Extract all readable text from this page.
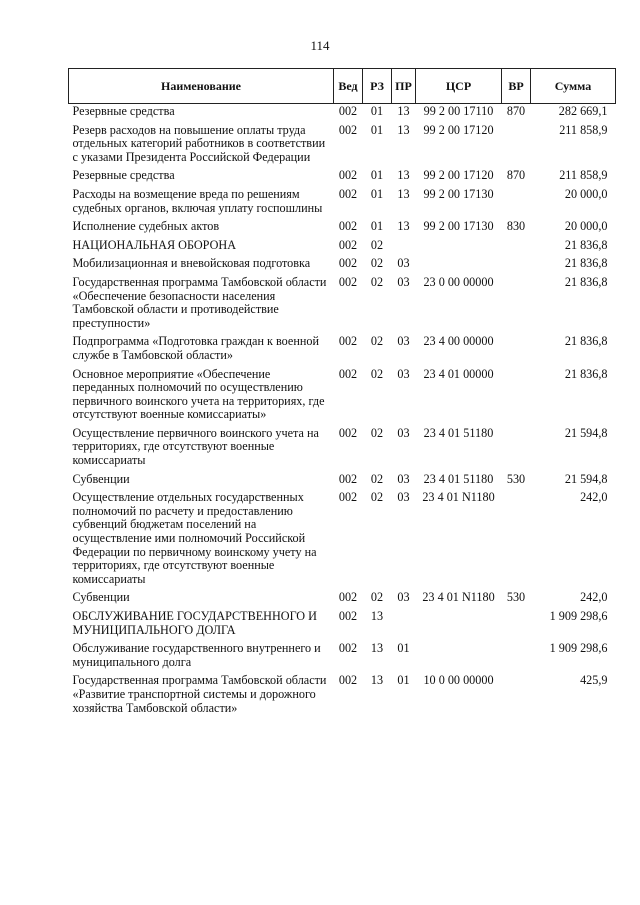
114
Наименование	Вед	РЗ	ПР	ЦСР	ВР	Сумма
Резервные средства	002	01	13	99 2 00 17110	870	282 669,1
Резерв расходов на повышение оплаты труда отдельных категорий работников в соответствии с указами Президента Российской Федерации	002	01	13	99 2 00 17120		211 858,9
Резервные средства	002	01	13	99 2 00 17120	870	211 858,9
Расходы на возмещение вреда по решениям судебных органов, включая уплату госпошлины	002	01	13	99 2 00 17130		20 000,0
Исполнение судебных актов	002	01	13	99 2 00 17130	830	20 000,0
НАЦИОНАЛЬНАЯ ОБОРОНА	002	02				21 836,8
Мобилизационная и вневойсковая подготовка	002	02	03			21 836,8
Государственная программа Тамбовской области «Обеспечение безопасности населения Тамбовской области и противодействие преступности»	002	02	03	23 0 00 00000		21 836,8
Подпрограмма «Подготовка граждан к военной службе в Тамбовской области»	002	02	03	23 4 00 00000		21 836,8
Основное мероприятие «Обеспечение переданных полномочий по осуществлению первичного воинского учета на территориях, где отсутствуют военные комиссариаты»	002	02	03	23 4 01 00000		21 836,8
Осуществление первичного воинского учета на территориях, где отсутствуют военные комиссариаты	002	02	03	23 4 01 51180		21 594,8
Субвенции	002	02	03	23 4 01 51180	530	21 594,8
Осуществление отдельных государственных полномочий по расчету и предоставлению субвенций бюджетам поселений на осуществление ими полномочий Российской Федерации по первичному воинскому учету на территориях, где отсутствуют военные комиссариаты	002	02	03	23 4 01 N1180		242,0
Субвенции	002	02	03	23 4 01 N1180	530	242,0
ОБСЛУЖИВАНИЕ ГОСУДАРСТВЕННОГО И МУНИЦИПАЛЬНОГО ДОЛГА	002	13				1 909 298,6
Обслуживание государственного внутреннего и муниципального долга	002	13	01			1 909 298,6
Государственная программа Тамбовской области «Развитие транспортной системы и дорожного хозяйства Тамбовской области»	002	13	01	10 0 00 00000		425,9
